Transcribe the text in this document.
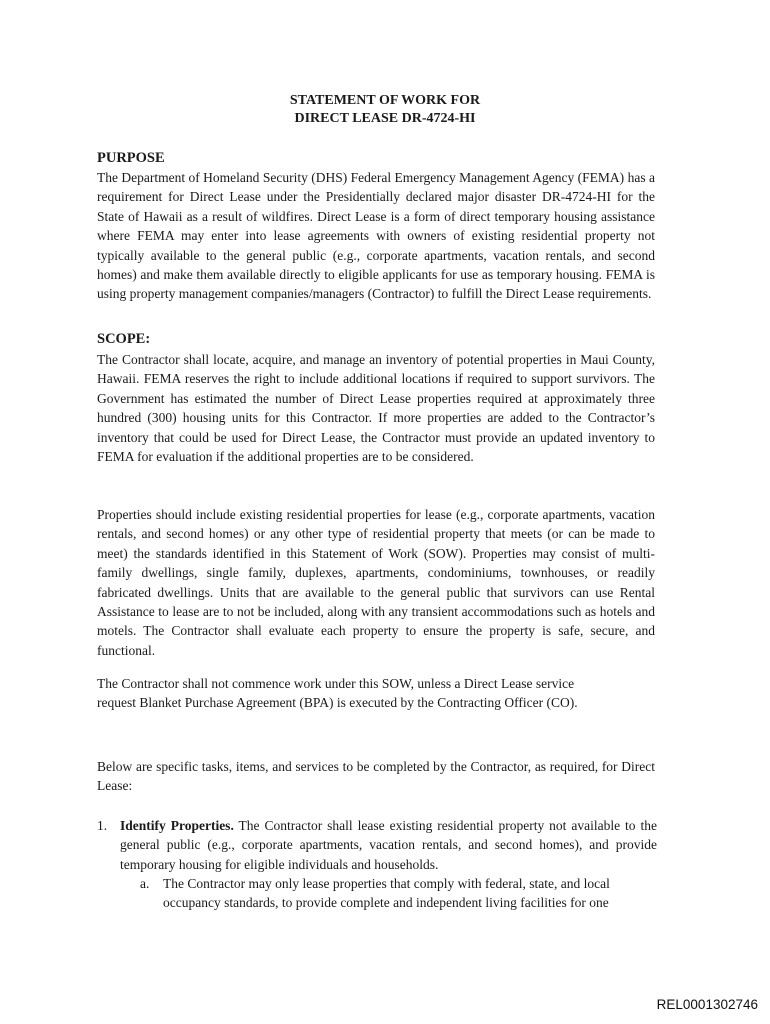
STATEMENT OF WORK FOR
DIRECT LEASE DR-4724-HI
PURPOSE

The Department of Homeland Security (DHS) Federal Emergency Management Agency (FEMA) has a requirement for Direct Lease under the Presidentially declared major disaster DR-4724-HI for the State of Hawaii as a result of wildfires. Direct Lease is a form of direct temporary housing assistance where FEMA may enter into lease agreements with owners of existing residential property not typically available to the general public (e.g., corporate apartments, vacation rentals, and second homes) and make them available directly to eligible applicants for use as temporary housing. FEMA is using property management companies/managers (Contractor) to fulfill the Direct Lease requirements.

SCOPE:

The Contractor shall locate, acquire, and manage an inventory of potential properties in Maui County, Hawaii. FEMA reserves the right to include additional locations if required to support survivors. The Government has estimated the number of Direct Lease properties required at approximately three hundred (300) housing units for this Contractor. If more properties are added to the Contractor’s inventory that could be used for Direct Lease, the Contractor must provide an updated inventory to FEMA for evaluation if the additional properties are to be considered.

Properties should include existing residential properties for lease (e.g., corporate apartments, vacation rentals, and second homes) or any other type of residential property that meets (or can be made to meet) the standards identified in this Statement of Work (SOW). Properties may consist of multi-family dwellings, single family, duplexes, apartments, condominiums, townhouses, or readily fabricated dwellings. Units that are available to the general public that survivors can use Rental Assistance to lease are to not be included, along with any transient accommodations such as hotels and motels. The Contractor shall evaluate each property to ensure the property is safe, secure, and functional.

The Contractor shall not commence work under this SOW, unless a Direct Lease service request Blanket Purchase Agreement (BPA) is executed by the Contracting Officer (CO).

Below are specific tasks, items, and services to be completed by the Contractor, as required, for Direct Lease:

1. Identify Properties. The Contractor shall lease existing residential property not available to the general public (e.g., corporate apartments, vacation rentals, and second homes), and provide temporary housing for eligible individuals and households.
a.	The Contractor may only lease properties that comply with federal, state, and local occupancy standards, to provide complete and independent living facilities for one
REL0001302746
